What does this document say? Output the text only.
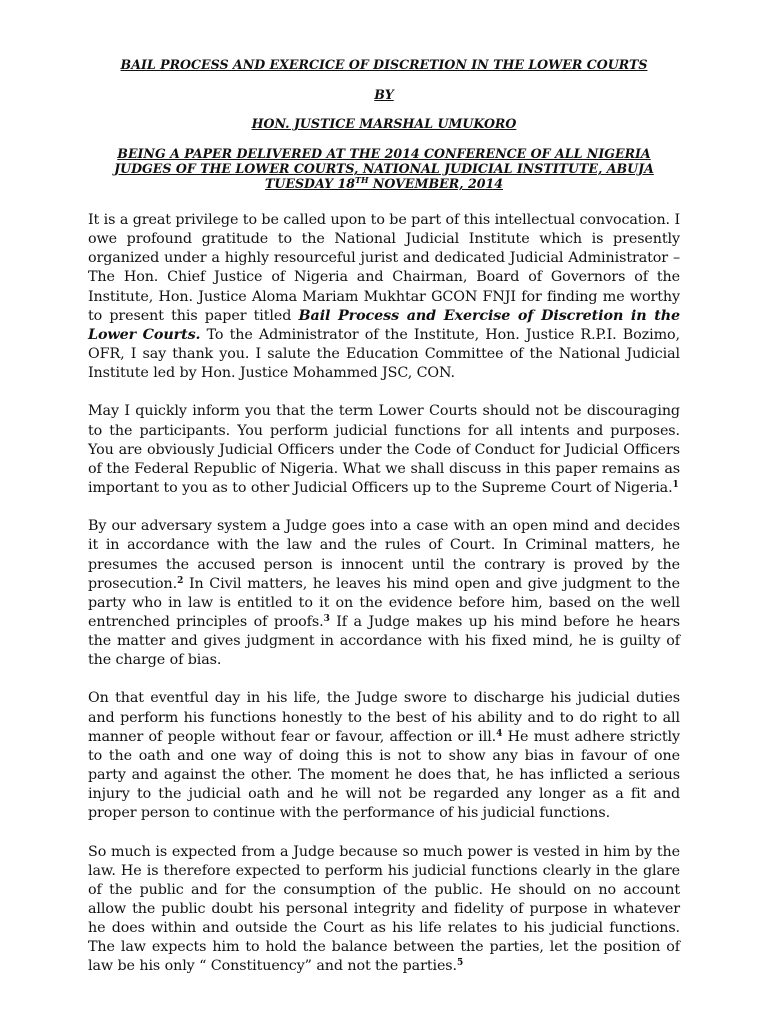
BAIL PROCESS AND EXERCICE OF DISCRETION IN THE LOWER COURTS

BY

HON. JUSTICE MARSHAL UMUKORO

BEING A PAPER DELIVERED AT THE 2014 CONFERENCE OF ALL NIGERIA
JUDGES OF THE LOWER COURTS, NATIONAL JUDICIAL INSTITUTE, ABUJA
TUESDAY 18TH NOVEMBER, 2014

It is a great privilege to be called upon to be part of this intellectual convocation. I owe profound gratitude to the National Judicial Institute which is presently organized under a highly resourceful jurist and dedicated Judicial Administrator – The Hon. Chief Justice of Nigeria and Chairman, Board of Governors of the Institute, Hon. Justice Aloma Mariam Mukhtar GCON FNJI for finding me worthy to present this paper titled Bail Process and Exercise of Discretion in the Lower Courts. To the Administrator of the Institute, Hon. Justice R.P.I. Bozimo, OFR, I say thank you. I salute the Education Committee of the National Judicial Institute led by Hon. Justice Mohammed JSC, CON.

May I quickly inform you that the term Lower Courts should not be discouraging to the participants. You perform judicial functions for all intents and purposes. You are obviously Judicial Officers under the Code of Conduct for Judicial Officers of the Federal Republic of Nigeria. What we shall discuss in this paper remains as important to you as to other Judicial Officers up to the Supreme Court of Nigeria.$^1$

By our adversary system a Judge goes into a case with an open mind and decides it in accordance with the law and the rules of Court. In Criminal matters, he presumes the accused person is innocent until the contrary is proved by the prosecution.$^2$ In Civil matters, he leaves his mind open and give judgment to the party who in law is entitled to it on the evidence before him, based on the well entrenched principles of proofs.$^3$ If a Judge makes up his mind before he hears the matter and gives judgment in accordance with his fixed mind, he is guilty of the charge of bias.

On that eventful day in his life, the Judge swore to discharge his judicial duties and perform his functions honestly to the best of his ability and to do right to all manner of people without fear or favour, affection or ill.$^4$ He must adhere strictly to the oath and one way of doing this is not to show any bias in favour of one party and against the other. The moment he does that, he has inflicted a serious injury to the judicial oath and he will not be regarded any longer as a fit and proper person to continue with the performance of his judicial functions.

So much is expected from a Judge because so much power is vested in him by the law. He is therefore expected to perform his judicial functions clearly in the glare of the public and for the consumption of the public. He should on no account allow the public doubt his personal integrity and fidelity of purpose in whatever he does within and outside the Court as his life relates to his judicial functions. The law expects him to hold the balance between the parties, let the position of law be his only “ Constituency” and not the parties.$^5$
